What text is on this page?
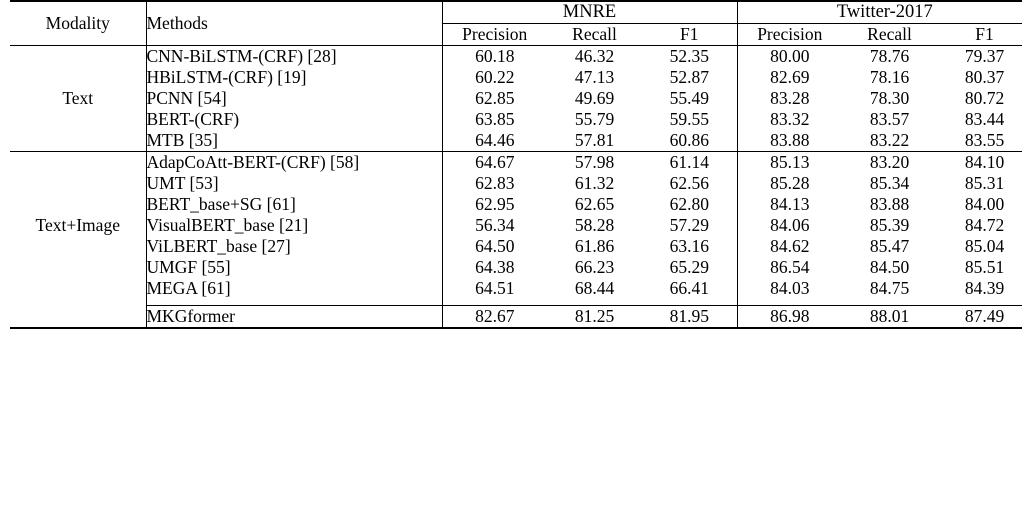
Modality	Methods	MNRE			Twitter-2017		
		Precision	Recall	F1	Precision	Recall	F1
Text	CNN-BiLSTM-(CRF) [28]	60.18	46.32	52.35	80.00	78.76	79.37
	HBiLSTM-(CRF) [19]	60.22	47.13	52.87	82.69	78.16	80.37
	PCNN [54]	62.85	49.69	55.49	83.28	78.30	80.72
	BERT-(CRF)	63.85	55.79	59.55	83.32	83.57	83.44
	MTB [35]	64.46	57.81	60.86	83.88	83.22	83.55
Text+Image	AdapCoAtt-BERT-(CRF) [58]	64.67	57.98	61.14	85.13	83.20	84.10
	UMT [53]	62.83	61.32	62.56	85.28	85.34	85.31
	BERT_base+SG [61]	62.95	62.65	62.80	84.13	83.88	84.00
	VisualBERT_base [21]	56.34	58.28	57.29	84.06	85.39	84.72
	ViLBERT_base [27]	64.50	61.86	63.16	84.62	85.47	85.04
	UMGF [55]	64.38	66.23	65.29	86.54	84.50	85.51
	MEGA [61]	64.51	68.44	66.41	84.03	84.75	84.39

	MKGformer	82.67	81.25	81.95	86.98	88.01	87.49
